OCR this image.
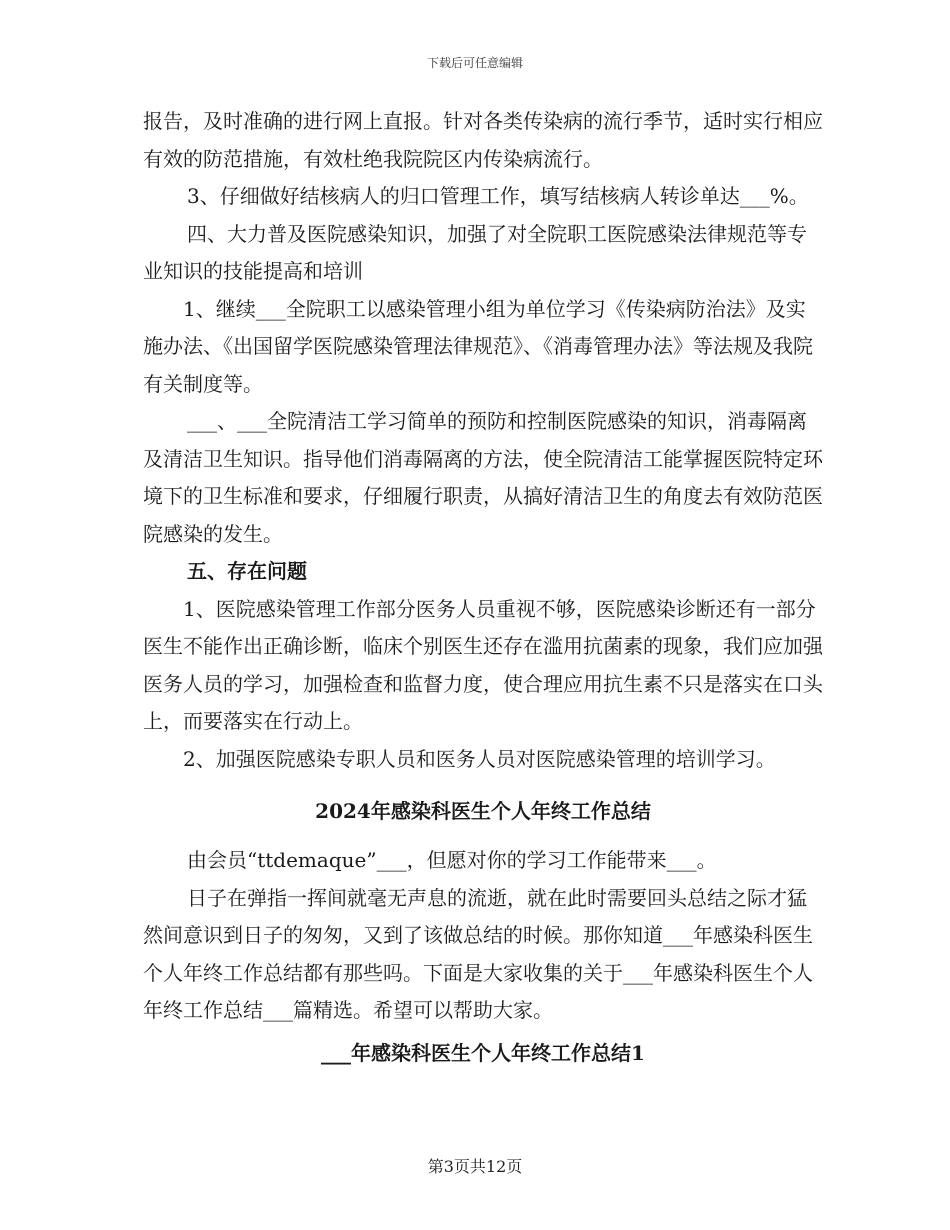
下载后可任意编辑

报告，及时准确的进行网上直报。针对各类传染病的流行季节，适时实行相应有效的防范措施，有效杜绝我院院区内传染病流行。

3、仔细做好结核病人的归口管理工作，填写结核病人转诊单达___%。

四、大力普及医院感染知识，加强了对全院职工医院感染法律规范等专业知识的技能提高和培训

1、继续___全院职工以感染管理小组为单位学习《传染病防治法》及实施办法、《出国留学医院感染管理法律规范》、《消毒管理办法》等法规及我院有关制度等。

___、___全院清洁工学习简单的预防和控制医院感染的知识，消毒隔离及清洁卫生知识。指导他们消毒隔离的方法，使全院清洁工能掌握医院特定环境下的卫生标准和要求，仔细履行职责，从搞好清洁卫生的角度去有效防范医院感染的发生。

五、存在问题

1、医院感染管理工作部分医务人员重视不够，医院感染诊断还有一部分医生不能作出正确诊断，临床个别医生还存在滥用抗菌素的现象，我们应加强医务人员的学习，加强检查和监督力度，使合理应用抗生素不只是落实在口头上，而要落实在行动上。

2、加强医院感染专职人员和医务人员对医院感染管理的培训学习。

2024年感染科医生个人年终工作总结

由会员“ttdemaque”___，但愿对你的学习工作能带来___。

日子在弹指一挥间就毫无声息的流逝，就在此时需要回头总结之际才猛然间意识到日子的匆匆，又到了该做总结的时候。那你知道___年感染科医生个人年终工作总结都有那些吗。下面是大家收集的关于___年感染科医生个人年终工作总结___篇精选。希望可以帮助大家。

___年感染科医生个人年终工作总结1

第3页共12页
